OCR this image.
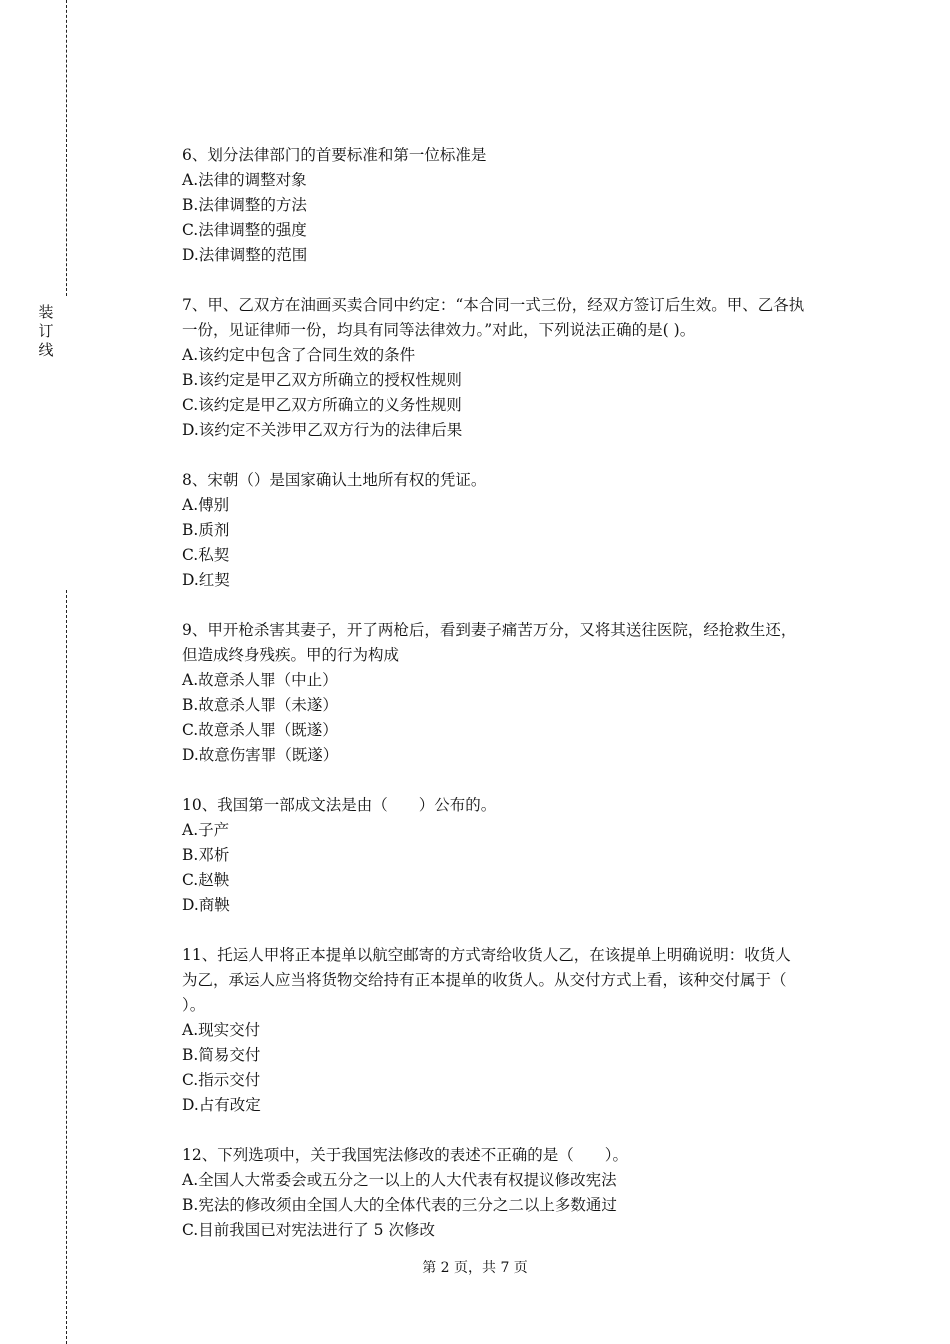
装订线
6、划分法律部门的首要标准和第一位标准是
A.法律的调整对象
B.法律调整的方法
C.法律调整的强度
D.法律调整的范围
7、甲、乙双方在油画买卖合同中约定：“本合同一式三份，经双方签订后生效。甲、乙各执
一份，见证律师一份，均具有同等法律效力。”对此，下列说法正确的是( )。
A.该约定中包含了合同生效的条件
B.该约定是甲乙双方所确立的授权性规则
C.该约定是甲乙双方所确立的义务性规则
D.该约定不关涉甲乙双方行为的法律后果
8、宋朝（）是国家确认土地所有权的凭证。
A.傅别
B.质剂
C.私契
D.红契
9、甲开枪杀害其妻子，开了两枪后，看到妻子痛苦万分，又将其送往医院，经抢救生还，
但造成终身残疾。甲的行为构成
A.故意杀人罪（中止）
B.故意杀人罪（未遂）
C.故意杀人罪（既遂）
D.故意伤害罪（既遂）
10、我国第一部成文法是由（　　）公布的。
A.子产
B.邓析
C.赵鞅
D.商鞅
11、托运人甲将正本提单以航空邮寄的方式寄给收货人乙，在该提单上明确说明：收货人
为乙，承运人应当将货物交给持有正本提单的收货人。从交付方式上看，该种交付属于（
）。
A.现实交付
B.简易交付
C.指示交付
D.占有改定
12、下列选项中，关于我国宪法修改的表述不正确的是（　　）。
A.全国人大常委会或五分之一以上的人大代表有权提议修改宪法
B.宪法的修改须由全国人大的全体代表的三分之二以上多数通过
C.目前我国已对宪法进行了 5 次修改
第 2 页，共 7 页
